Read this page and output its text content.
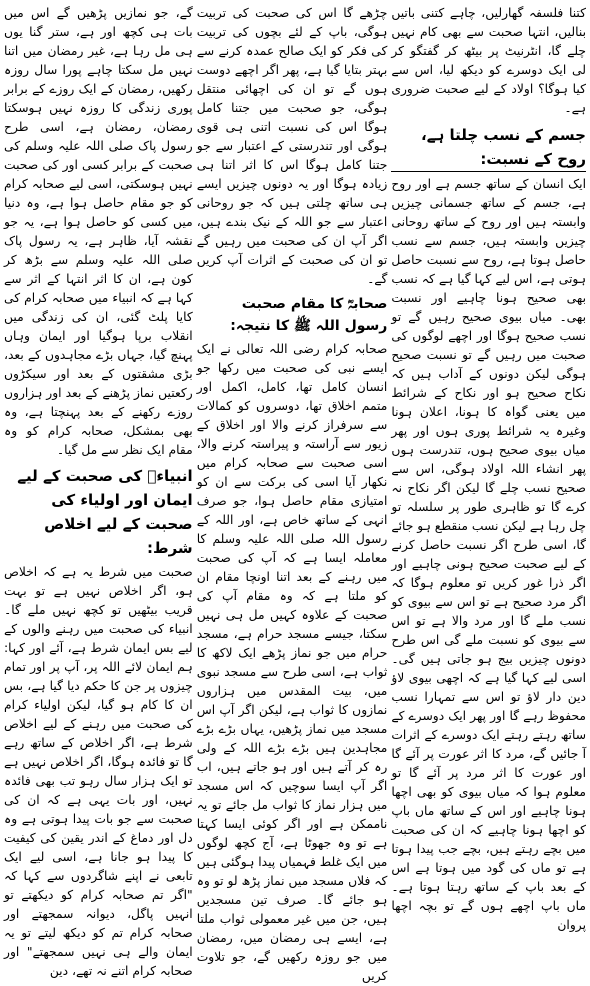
کتنا فلسفہ گھارلیں، چاہے کتنی باتیں بنالیں، انتہا صحبت سے بھی کام نہیں چلے گا، انٹرنیٹ پر بیٹھ کر گفتگو کر لی ایک دوسرے کو دیکھ لیا، اس سے کیا ہوگا؟ اولاد کے لیے صحبت ضروری ہے۔

جسم کے نسب چلتا ہے، روح کے نسبت:

ایک انسان کے ساتھ جسم ہے اور روح ہے، جسم کے ساتھ جسمانی چیزیں وابستہ ہیں اور روح کے ساتھ روحانی چیزیں وابستہ ہیں، جسم سے نسب حاصل ہوتا ہے، روح سے نسبت حاصل ہوتی ہے، اس لیے کہا گیا ہے کہ نسب بھی صحیح ہونا چاہیے اور نسبت بھی۔ میاں بیوی صحیح رہیں گے تو نسب صحیح ہوگا اور اچھے لوگوں کی صحبت میں رہیں گے تو نسبت صحیح ہوگی لیکن دونوں کے آداب ہیں کہ نکاح صحیح ہو اور نکاح کے شرائط میں یعنی گواہ کا ہونا، اعلان ہونا وغیرہ یہ شرائط پوری ہوں اور پھر میاں بیوی صحیح ہوں، تندرست ہوں پھر انشاء اللہ اولاد ہوگی، اس سے صحیح نسب چلے گا لیکن اگر نکاح نہ کرے گا تو ظاہری طور پر سلسلہ تو چل رہا ہے لیکن نسب منقطع ہو جائے گا، اسی طرح اگر نسبت حاصل کرنے کے لیے صحبت صحیح ہونی چاہیے اور اگر ذرا غور کریں تو معلوم ہوگا کہ اگر مرد صحیح ہے تو اس سے بیوی کو نسب ملے گا اور مرد والا ہے تو اس سے بیوی کو نسبت ملے گی اس طرح دونوں چیزیں بیج ہو جاتی ہیں گی۔ اسی لیے کہا گیا ہے کہ اچھی بیوی لاؤ دین دار لاؤ تو اس سے تمہارا نسب محفوظ رہے گا اور پھر ایک دوسرے کے ساتھ رہتے رہتے ایک دوسرے کے اثرات آ جائیں گے، مرد کا اثر عورت پر آئے گا اور عورت کا اثر مرد پر آئے گا تو معلوم ہوا کہ میاں بیوی کو بھی اچھا ہونا چاہیے اور اس کے ساتھ ماں باپ کو اچھا ہونا چاہیے کہ ان کی صحبت میں بچے رہتے ہیں، بچے جب پیدا ہوتا ہے تو ماں کی گود میں ہوتا ہے اس کے بعد باپ کے ساتھ رہتا ہوتا ہے۔ ماں باپ اچھے ہوں گے تو بچہ اچھا پروان

چڑھے گا اس کی صحبت کی تربیت ہوگی، باپ کے لئے بچوں کی تربیت کی فکر کو ایک صالح عمدہ کرنے سے بہتر بتایا گیا ہے، پھر اگر اچھے دوست ہوں گے تو ان کی اچھائی منتقل ہوگی، جو صحبت میں جتنا کامل ہوگا اس کی نسبت اتنی ہی قوی ہوگی اور تندرستی کے اعتبار سے جو جتنا کامل ہوگا اس کا اثر اتنا ہی زیادہ ہوگا اور یہ دونوں چیزیں ایسے ہی ساتھ چلتی ہیں کہ جو روحانی اعتبار سے جو اللہ کے نیک بندے ہیں، اگر آپ ان کی صحبت میں رہیں گے تو ان کی صحبت کے اثرات آپ کریں گے۔

صحابہؓ کا مقام صحبت رسول اللہ ﷺ کا نتیجہ:

صحابہ کرام رضی اللہ تعالی نے ایک ایسے نبی کی صحبت میں رکھا جو انسان کامل تھا، کامل، اکمل اور متمم اخلاق تھا، دوسروں کو کمالات سے سرفراز کرنے والا اور اخلاق کے زیور سے آراستہ و پیراستہ کرنے والا، اسی صحبت سے صحابہ کرام میں نکھار آیا اسی کی برکت سے ان کو امتیازی مقام حاصل ہوا، جو صرف انہی کے ساتھ خاص ہے، اور اللہ کے رسول اللہ صلی اللہ علیہ وسلم کا معاملہ ایسا ہے کہ آپ کی صحبت میں رہنے کے بعد اتنا اونچا مقام ان کو ملتا ہے کہ وہ مقام آپ کی صحبت کے علاوہ کہیں مل ہی نہیں سکتا، جیسے مسجد حرام ہے، مسجد حرام میں جو نماز پڑھے ایک لاکھ کا ثواب ہے، اسی طرح سے مسجد نبوی میں، بیت المقدس میں ہزاروں نمازوں کا ثواب ہے، لیکن اگر آپ اس مسجد میں نماز پڑھیں، یہاں بڑے بڑے مجاہدین ہیں بڑے بڑے اللہ کے ولی رہ کر آتے ہیں اور ہو جاتے ہیں، اب اگر آپ ایسا سوچیں کہ اس مسجد میں ہزار نماز کا ثواب مل جائے تو یہ ناممکن ہے اور اگر کوئی ایسا کہتا ہے تو وہ جھوٹا ہے، آج کچھ لوگوں میں ایک غلط فہمیاں پیدا ہوگئی ہیں کہ فلاں مسجد میں نماز پڑھ لو تو وہ ہو جائے گا۔ صرف تین مسجدیں ہیں، جن میں غیر معمولی ثواب ملتا ہے، ایسے ہی رمضان میں، رمضان میں جو روزہ رکھیں گے، جو تلاوت کریں

گے، جو نمازیں پڑھیں گے اس میں بات ہی کچھ اور ہے، ستر گنا یوں ہی مل رہا ہے، غیر رمضان میں اتنا نہیں مل سکتا چاہے پورا سال روزہ رکھیں، رمضان کے ایک روزے کے برابر پوری زندگی کا روزہ نہیں ہوسکتا رمضان، رمضان ہے، اسی طرح رسول پاک صلی اللہ علیہ وسلم کی صحبت کے برابر کسی اور کی صحبت نہیں ہوسکتی، اسی لیے صحابہ کرام کو جو مقام حاصل ہوا ہے، وہ دنیا میں کسی کو حاصل ہوا ہے، یہ جو نقشہ آیا، ظاہر ہے، یہ رسول پاک صلی اللہ علیہ وسلم سے بڑھ کر کون ہے، ان کا اثر انتہا کے اثر سے کہا ہے کہ انبیاء میں صحابہ کرام کی کایا پلٹ گئی، ان کی زندگی میں انقلاب برپا ہوگیا اور ایمان وہاں پہنچ گیا، جہاں بڑے مجاہدوں کے بعد، بڑی مشقتوں کے بعد اور سیکڑوں رکعتیں نماز پڑھنے کے بعد اور ہزاروں روزے رکھنے کے بعد پہنچتا ہے، وہ بھی بمشکل، صحابہ کرام کو وہ مقام ایک نظر سے مل گیا۔

انبیاءؑ کی صحبت کے لیے ایمان اور اولیاء کی صحبت کے لیے اخلاص شرط:

صحبت میں شرط یہ ہے کہ اخلاص ہو، اگر اخلاص نہیں ہے تو بہت قریب بیٹھیں تو کچھ نہیں ملے گا۔ انبیاء کی صحبت میں رہنے والوں کے لیے بس ایمان شرط ہے، آئے اور کہا: ہم ایمان لائے اللہ پر، آپ پر اور تمام چیزوں پر جن کا حکم دیا گیا ہے، بس ان کا کام ہو گیا، لیکن اولیاء کرام کی صحبت میں رہنے کے لیے اخلاص شرط ہے، اگر اخلاص کے ساتھ رہے گا تو فائدہ ہوگا، اگر اخلاص نہیں ہے تو ایک ہزار سال رہو تب بھی فائدہ نہیں، اور بات یہی ہے کہ ان کی صحبت سے جو بات پیدا ہوتی ہے وہ دل اور دماغ کے اندر یقین کی کیفیت کا پیدا ہو جانا ہے، اسی لیے ایک تابعی نے اپنے شاگردوں سے کہا کہ "اگر تم صحابہ کرام کو دیکھتے تو انہیں پاگل، دیوانہ سمجھتے اور صحابہ کرام تم کو دیکھ لیتے تو یہ ایمان والے ہی نہیں سمجھتے" اور صحابہ کرام اتنے نہ تھے، دین
